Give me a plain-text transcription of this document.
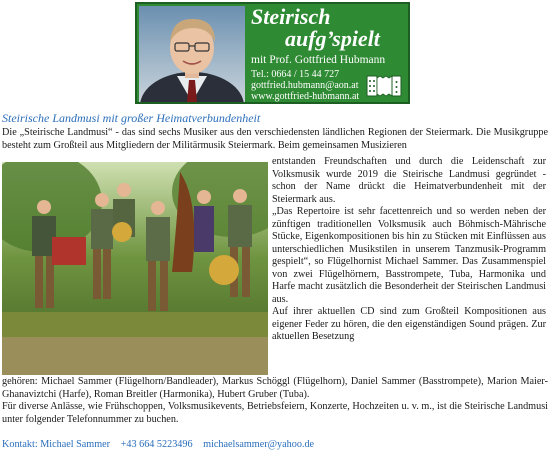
Steirisch
aufg’spielt
mit Prof. Gottfried Hubmann
Tel.: 0664 / 15 44 727
gottfried.hubmann@aon.at
www.gottfried-hubmann.at
Steirische Landmusi mit großer Heimatverbundenheit
Die „Steirische Landmusi“ - das sind sechs Musiker aus den verschiedensten ländlichen Regionen der Steiermark. Die Musikgruppe besteht zum Großteil aus Mitgliedern der Militärmusik Steiermark. Beim gemeinsamen Musizieren

entstanden Freundschaften und durch die Leidenschaft zur Volksmusik wurde 2019 die Steirische Landmusi gegründet - schon der Name drückt die Heimatverbundenheit mit der Steiermark aus.

„Das Repertoire ist sehr facettenreich und so werden neben der zünftigen traditionellen Volksmusik auch Böhmisch-Mährische Stücke, Eigenkompositionen bis hin zu Stücken mit Einflüssen aus unterschiedlichen Musikstilen in unserem Tanzmusik-Programm gespielt“, so Flügelhornist Michael Sammer. Das Zusammenspiel von zwei Flügelhörnern, Basstrompete, Tuba, Harmonika und Harfe macht zusätzlich die Besonderheit der Steirischen Landmusi aus.

Auf ihrer aktuellen CD sind zum Großteil Kompositionen aus eigener Feder zu hören, die den eigenständigen Sound prägen. Zur aktuellen Besetzung

gehören: Michael Sammer (Flügelhorn/Bandleader), Markus Schöggl (Flügelhorn), Daniel Sammer (Basstrompete), Marion Maier-Ghanaviztchi (Harfe), Roman Breitler (Harmonika), Hubert Gruber (Tuba).

Für diverse Anlässe, wie Frühschoppen, Volksmusikevents, Betriebsfeiern, Konzerte, Hochzeiten u. v. m., ist die Steirische Landmusi unter folgender Telefonnummer zu buchen.

Kontakt: Michael Sammer +43 664 5223496 michaelsammer@yahoo.de
